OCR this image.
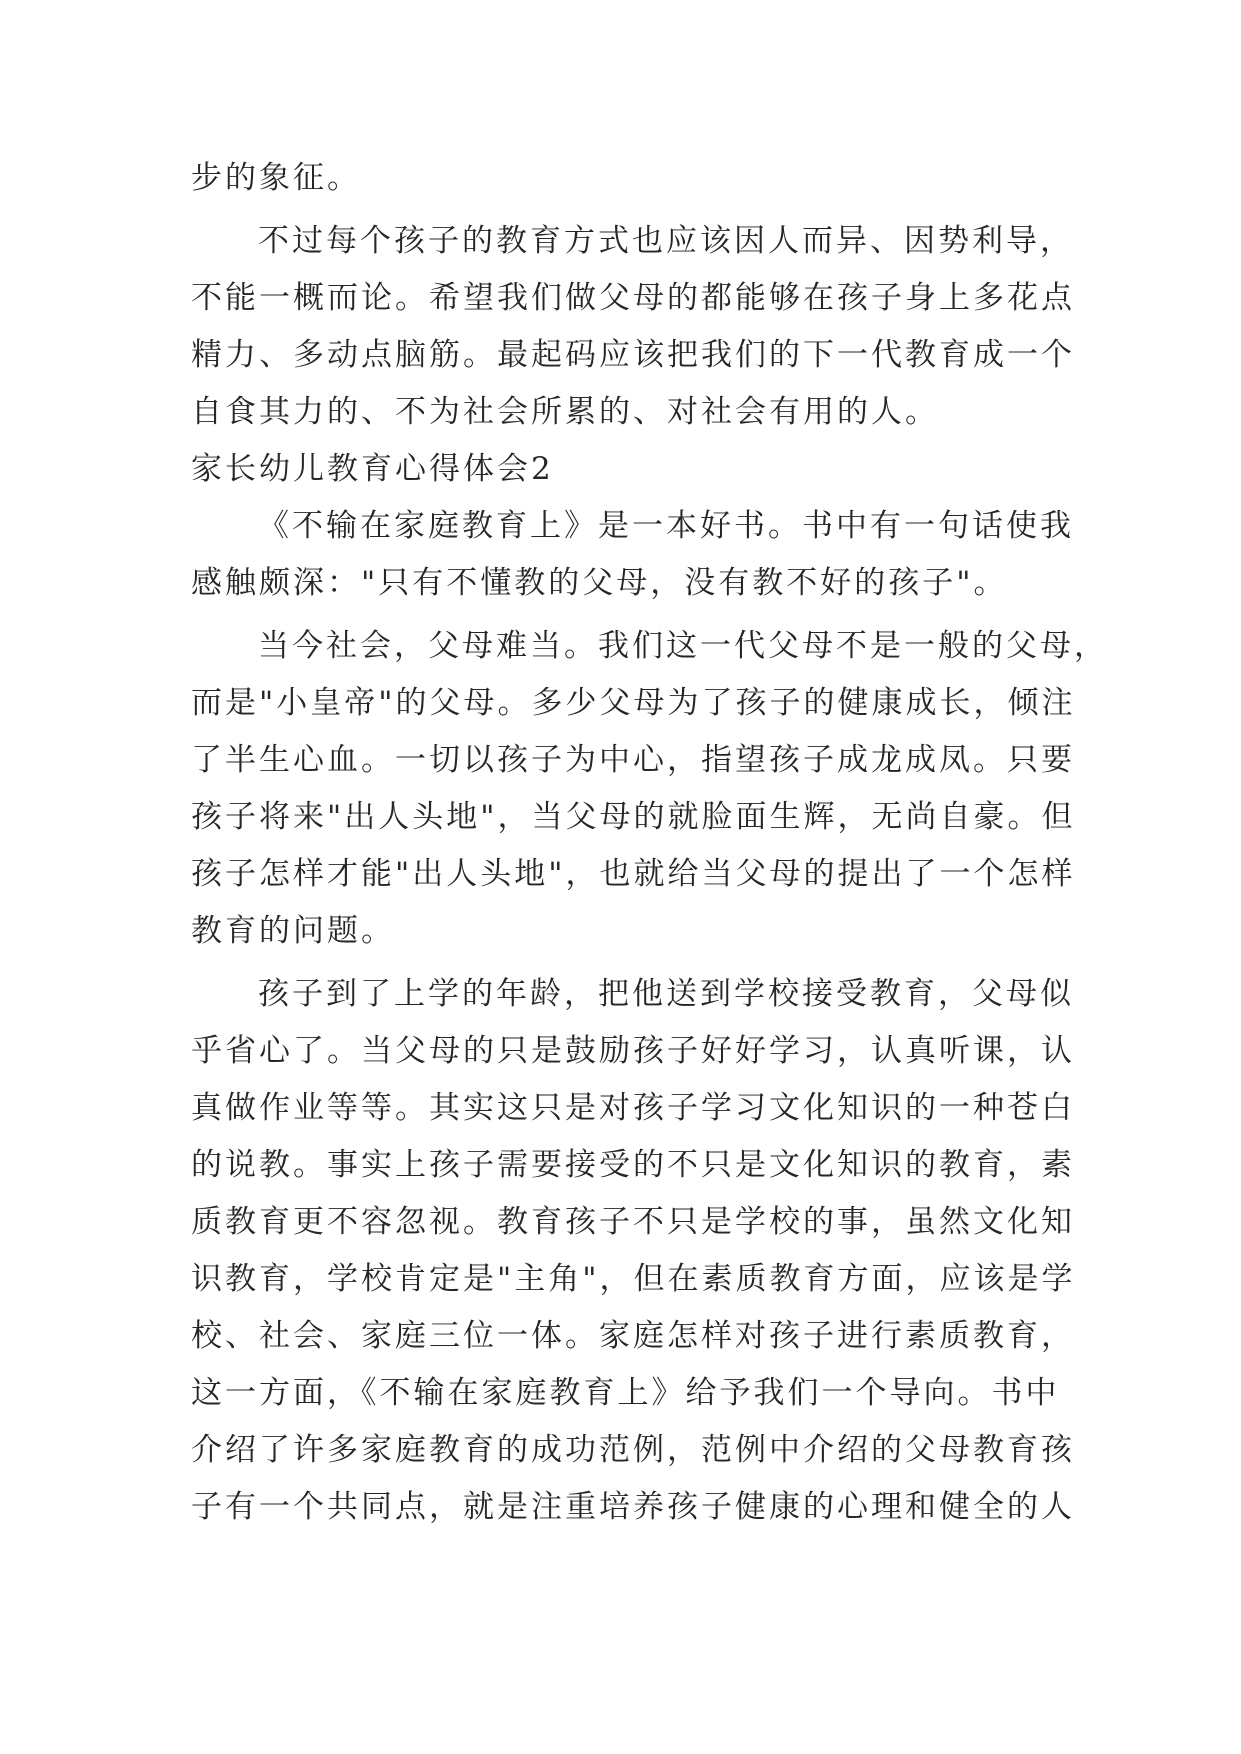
步的象征。
不过每个孩子的教育方式也应该因人而异、因势利导，
不能一概而论。希望我们做父母的都能够在孩子身上多花点
精力、多动点脑筋。最起码应该把我们的下一代教育成一个
自食其力的、不为社会所累的、对社会有用的人。
家长幼儿教育心得体会2
《不输在家庭教育上》是一本好书。书中有一句话使我
感触颇深："只有不懂教的父母，没有教不好的孩子"。
当今社会，父母难当。我们这一代父母不是一般的父母，
而是"小皇帝"的父母。多少父母为了孩子的健康成长，倾注
了半生心血。一切以孩子为中心，指望孩子成龙成凤。只要
孩子将来"出人头地"，当父母的就脸面生辉，无尚自豪。但
孩子怎样才能"出人头地"，也就给当父母的提出了一个怎样
教育的问题。
孩子到了上学的年龄，把他送到学校接受教育，父母似
乎省心了。当父母的只是鼓励孩子好好学习，认真听课，认
真做作业等等。其实这只是对孩子学习文化知识的一种苍白
的说教。事实上孩子需要接受的不只是文化知识的教育，素
质教育更不容忽视。教育孩子不只是学校的事，虽然文化知
识教育，学校肯定是"主角"，但在素质教育方面，应该是学
校、社会、家庭三位一体。家庭怎样对孩子进行素质教育，
这一方面，《不输在家庭教育上》给予我们一个导向。书中
介绍了许多家庭教育的成功范例，范例中介绍的父母教育孩
子有一个共同点，就是注重培养孩子健康的心理和健全的人
